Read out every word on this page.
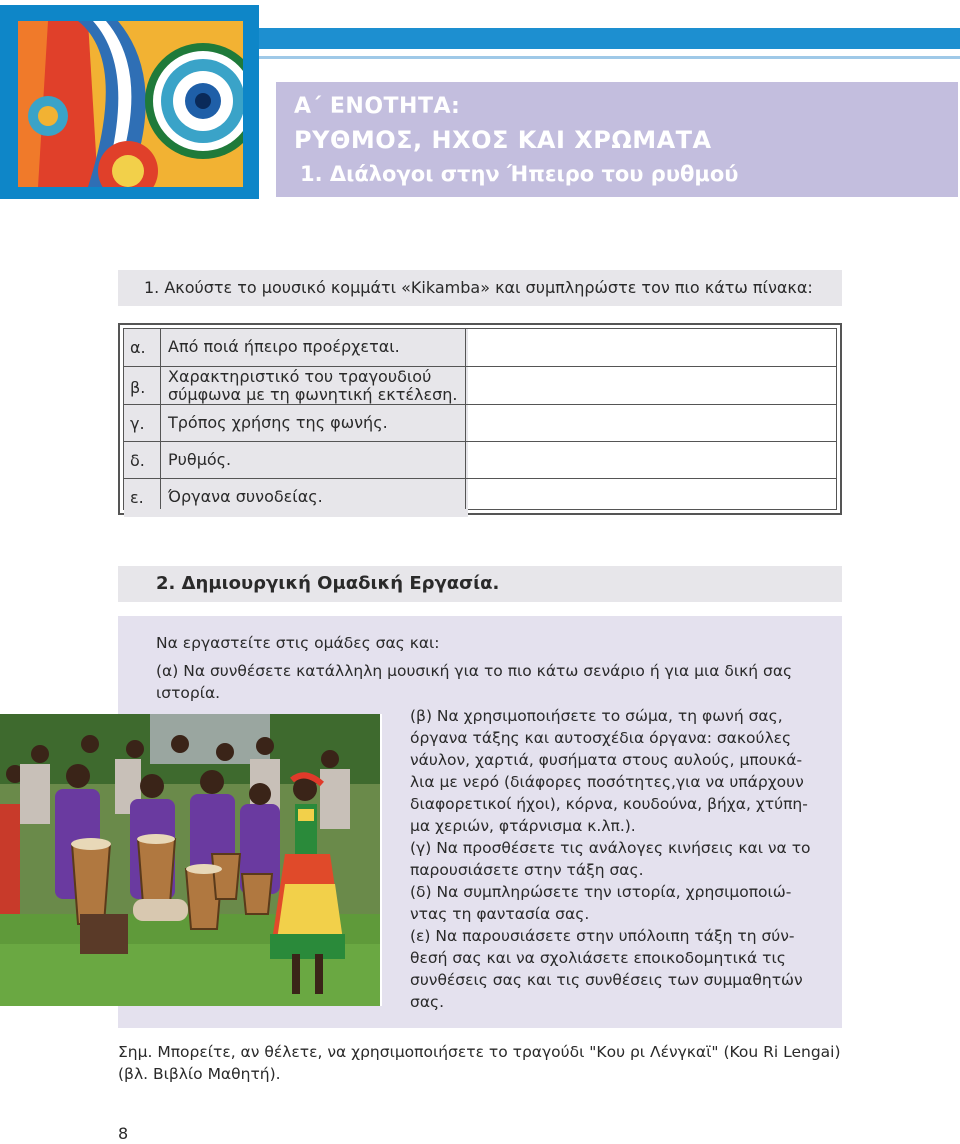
Α΄ ΕΝΟΤΗΤΑ:
ΡΥΘΜΟΣ, ΗΧΟΣ ΚΑΙ ΧΡΩΜΑΤΑ
1. Διάλογοι στην Ήπειρο του ρυθμού
1. Ακούστε το μουσικό κομμάτι «Kikamba» και συμπληρώστε τον πιο κάτω πίνακα:
α. Από ποιά ήπειρο προέρχεται.
β.
Χαρακτηριστικό του τραγουδιού
σύμφωνα με τη φωνητική εκτέλεση.
γ. Τρόπος χρήσης της φωνής.
δ. Ρυθμός.
ε. Όργανα συνοδείας.
2. Δημιουργική Ομαδική Εργασία.
Να εργαστείτε στις ομάδες σας και:
(α) Να συνθέσετε κατάλληλη μουσική για το πιο κάτω σενάριο ή για μια δική σας
ιστορία.

(β) Να χρησιμοποιήσετε το σώμα, τη φωνή σας,

όργανα τάξης και αυτοσχέδια όργανα: σακούλες

νάυλον, χαρτιά, φυσήματα στους αυλούς, μπουκά-

λια με νερό (διάφορες ποσότητες,για να υπάρχουν

διαφορετικοί ήχοι), κόρνα, κουδούνα, βήχα, χτύπη-

μα χεριών, φτάρνισμα κ.λπ.).

(γ) Να προσθέσετε τις ανάλογες κινήσεις και να το

παρουσιάσετε στην τάξη σας.

(δ) Να συμπληρώσετε την ιστορία, χρησιμοποιώ-

ντας τη φαντασία σας.

(ε) Να παρουσιάσετε στην υπόλοιπη τάξη τη σύν-

θεσή σας και να σχολιάσετε εποικοδομητικά τις

συνθέσεις σας και τις συνθέσεις των συμμαθητών

σας.

Σημ. Μπορείτε, αν θέλετε, να χρησιμοποιήσετε το τραγούδι "Κου ρι Λένγκαϊ" (Kou Ri Lengai)
(βλ. Βιβλίο Μαθητή).
8
